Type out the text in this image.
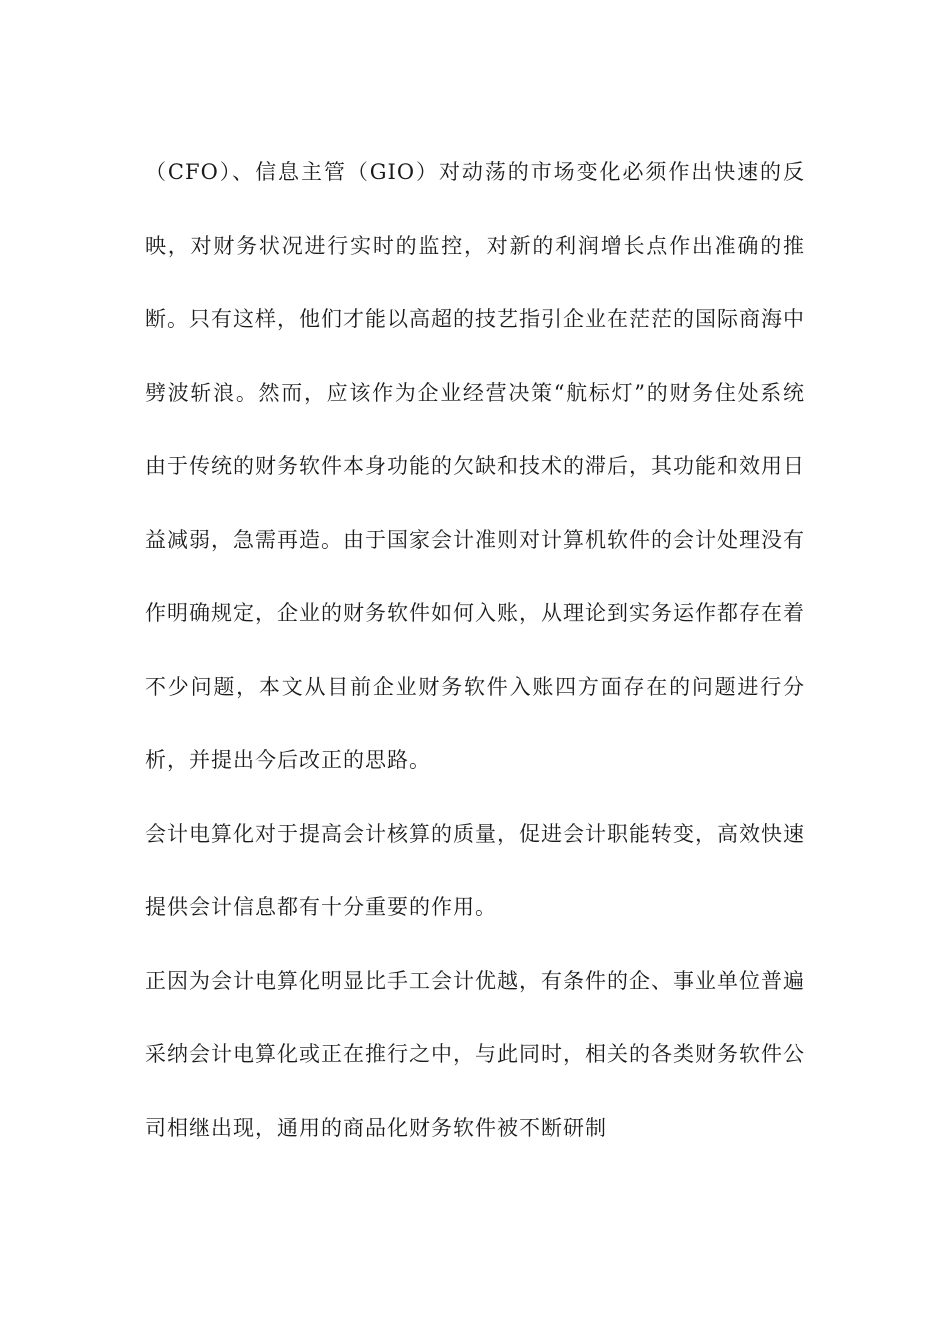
（CFO）、信息主管（GIO）对动荡的市场变化必须作出快速的反映，对财务状况进行实时的监控，对新的利润增长点作出准确的推断。只有这样，他们才能以高超的技艺指引企业在茫茫的国际商海中劈波斩浪。然而，应该作为企业经营决策“航标灯”的财务住处系统由于传统的财务软件本身功能的欠缺和技术的滞后，其功能和效用日益减弱，急需再造。由于国家会计准则对计算机软件的会计处理没有作明确规定，企业的财务软件如何入账，从理论到实务运作都存在着不少问题，本文从目前企业财务软件入账四方面存在的问题进行分析，并提出今后改正的思路。

会计电算化对于提高会计核算的质量，促进会计职能转变，高效快速提供会计信息都有十分重要的作用。

正因为会计电算化明显比手工会计优越，有条件的企、事业单位普遍采纳会计电算化或正在推行之中，与此同时，相关的各类财务软件公司相继出现，通用的商品化财务软件被不断研制
